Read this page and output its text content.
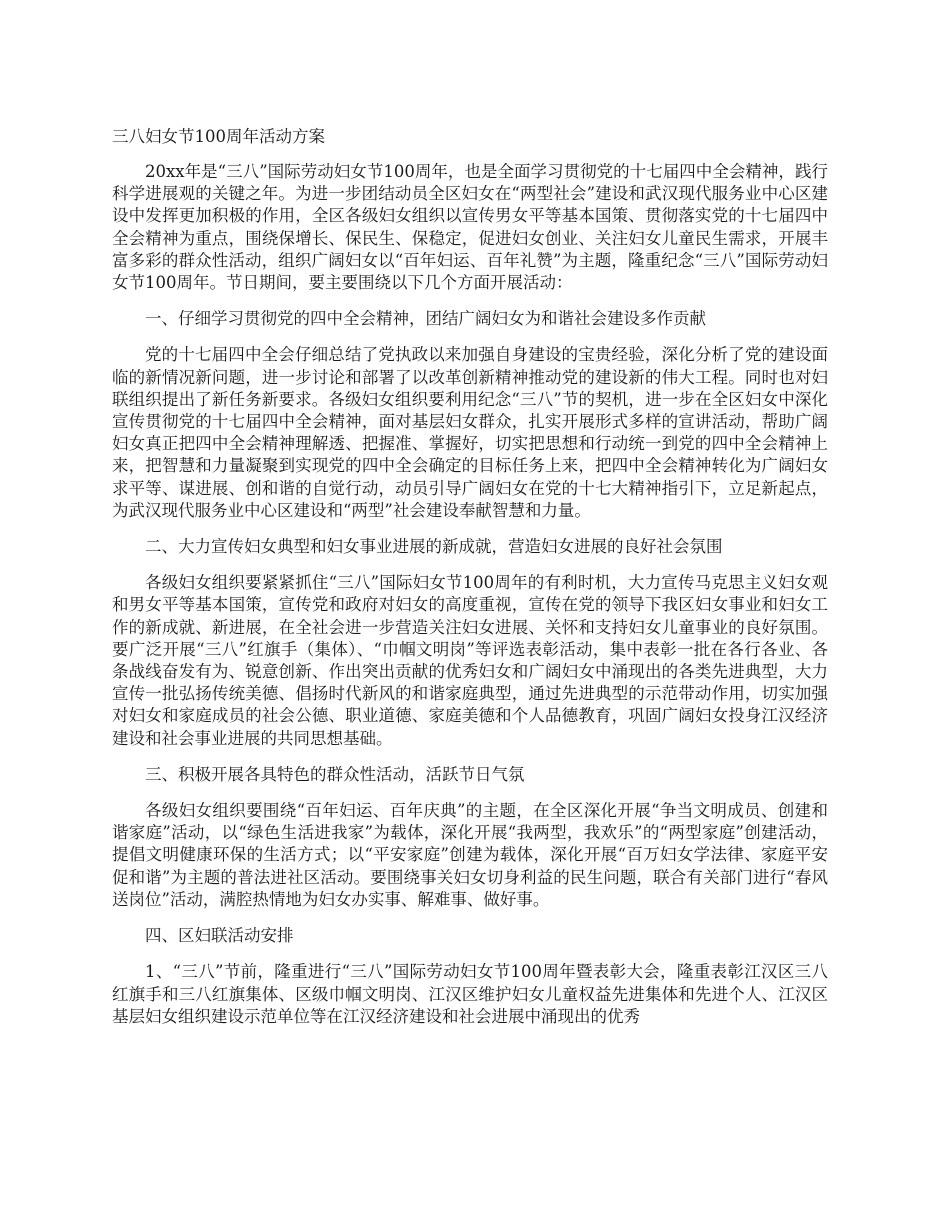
三八妇女节100周年活动方案

20xx年是“三八”国际劳动妇女节100周年，也是全面学习贯彻党的十七届四中全会精神，践行科学进展观的关键之年。为进一步团结动员全区妇女在“两型社会”建设和武汉现代服务业中心区建设中发挥更加积极的作用，全区各级妇女组织以宣传男女平等基本国策、贯彻落实党的十七届四中全会精神为重点，围绕保增长、保民生、保稳定，促进妇女创业、关注妇女儿童民生需求，开展丰富多彩的群众性活动，组织广阔妇女以“百年妇运、百年礼赞”为主题，隆重纪念“三八”国际劳动妇女节100周年。节日期间，要主要围绕以下几个方面开展活动：

一、仔细学习贯彻党的四中全会精神，团结广阔妇女为和谐社会建设多作贡献

党的十七届四中全会仔细总结了党执政以来加强自身建设的宝贵经验，深化分析了党的建设面临的新情况新问题，进一步讨论和部署了以改革创新精神推动党的建设新的伟大工程。同时也对妇联组织提出了新任务新要求。各级妇女组织要利用纪念“三八”节的契机，进一步在全区妇女中深化宣传贯彻党的十七届四中全会精神，面对基层妇女群众，扎实开展形式多样的宣讲活动，帮助广阔妇女真正把四中全会精神理解透、把握准、掌握好，切实把思想和行动统一到党的四中全会精神上来，把智慧和力量凝聚到实现党的四中全会确定的目标任务上来，把四中全会精神转化为广阔妇女求平等、谋进展、创和谐的自觉行动，动员引导广阔妇女在党的十七大精神指引下，立足新起点，为武汉现代服务业中心区建设和“两型”社会建设奉献智慧和力量。

二、大力宣传妇女典型和妇女事业进展的新成就，营造妇女进展的良好社会氛围

各级妇女组织要紧紧抓住“三八”国际妇女节100周年的有利时机，大力宣传马克思主义妇女观和男女平等基本国策，宣传党和政府对妇女的高度重视，宣传在党的领导下我区妇女事业和妇女工作的新成就、新进展，在全社会进一步营造关注妇女进展、关怀和支持妇女儿童事业的良好氛围。要广泛开展“三八”红旗手（集体）、“巾帼文明岗”等评选表彰活动，集中表彰一批在各行各业、各条战线奋发有为、锐意创新、作出突出贡献的优秀妇女和广阔妇女中涌现出的各类先进典型，大力宣传一批弘扬传统美德、倡扬时代新风的和谐家庭典型，通过先进典型的示范带动作用，切实加强对妇女和家庭成员的社会公德、职业道德、家庭美德和个人品德教育，巩固广阔妇女投身江汉经济建设和社会事业进展的共同思想基础。

三、积极开展各具特色的群众性活动，活跃节日气氛

各级妇女组织要围绕“百年妇运、百年庆典”的主题，在全区深化开展“争当文明成员、创建和谐家庭”活动，以“绿色生活进我家”为载体，深化开展“我两型，我欢乐”的“两型家庭”创建活动，提倡文明健康环保的生活方式；以“平安家庭”创建为载体，深化开展“百万妇女学法律、家庭平安促和谐”为主题的普法进社区活动。要围绕事关妇女切身利益的民生问题，联合有关部门进行“春风送岗位”活动，满腔热情地为妇女办实事、解难事、做好事。

四、区妇联活动安排

1、“三八”节前，隆重进行“三八”国际劳动妇女节100周年暨表彰大会，隆重表彰江汉区三八红旗手和三八红旗集体、区级巾帼文明岗、江汉区维护妇女儿童权益先进集体和先进个人、江汉区基层妇女组织建设示范单位等在江汉经济建设和社会进展中涌现出的优秀
